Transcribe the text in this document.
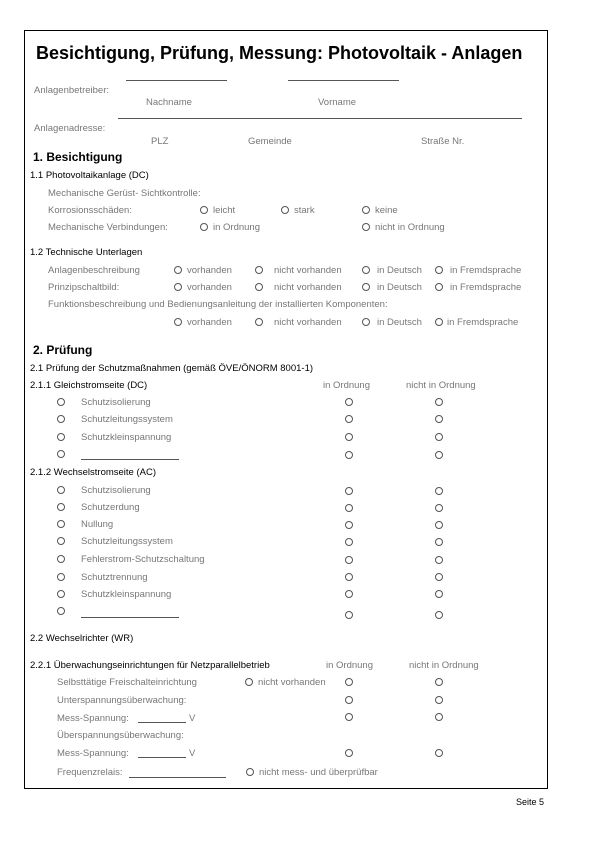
Besichtigung, Prüfung, Messung: Photovoltaik - Anlagen
Anlagenbetreiber:
Nachname	Vorname
Anlagenadresse:
PLZ	Gemeinde	Straße Nr.
1. Besichtigung
1.1 Photovoltaikanlage (DC)
Mechanische Gerüst- Sichtkontrolle:
Korrosionsschäden:	leicht	stark	keine
Mechanische Verbindungen:	in Ordnung	nicht in Ordnung
1.2 Technische Unterlagen
Anlagenbeschreibung	vorhanden	nicht vorhanden	in Deutsch	in Fremdsprache
Prinzipschaltbild:	vorhanden	nicht vorhanden	in Deutsch	in Fremdsprache
Funktionsbeschreibung und Bedienungsanleitung der installierten Komponenten:
vorhanden	nicht vorhanden	in Deutsch	in Fremdsprache
2. Prüfung
2.1 Prüfung der Schutzmaßnahmen (gemäß ÖVE/ÖNORM 8001-1)
2.1.1 Gleichstromseite (DC)	in Ordnung	nicht in Ordnung
Schutzisolierung
Schutzleitungssystem
Schutzkleinspannung
2.1.2 Wechselstromseite (AC)
Schutzisolierung
Schutzerdung
Nullung
Schutzleitungssystem
Fehlerstrom-Schutzschaltung
Schutztrennung
Schutzkleinspannung
2.2 Wechselrichter (WR)
2.2.1 Überwachungseinrichtungen für Netzparallelbetrieb	in Ordnung	nicht in Ordnung
Selbsttätige Freischalteinrichtung	nicht vorhanden
Unterspannungsüberwachung:
Mess-Spannung:	V
Überspannungsüberwachung:
Mess-Spannung:	V
Frequenzrelais:	nicht mess- und überprüfbar
Seite 5
